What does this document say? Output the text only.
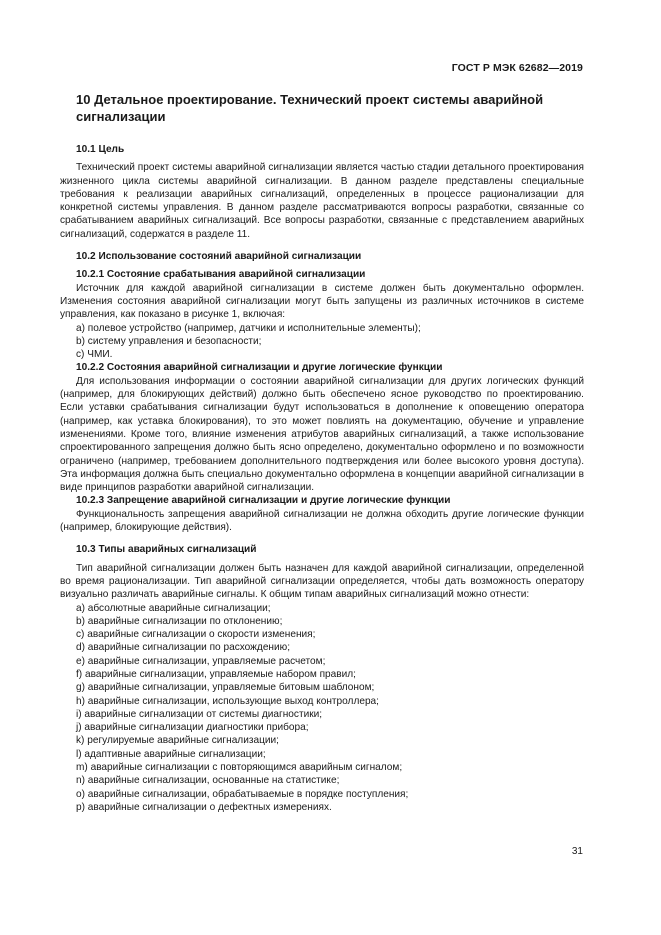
ГОСТ Р МЭК 62682—2019
10 Детальное проектирование. Технический проект системы аварийной сигнализации
10.1 Цель

Технический проект системы аварийной сигнализации является частью стадии детального проектирования жизненного цикла системы аварийной сигнализации. В данном разделе представлены специальные требования к реализации аварийных сигнализаций, определенных в процессе рационализации для конкретной системы управления. В данном разделе рассматриваются вопросы разработки, связанные со срабатыванием аварийных сигнализаций. Все вопросы разработки, связанные с представлением аварийных сигнализаций, содержатся в разделе 11.

10.2 Использование состояний аварийной сигнализации
10.2.1 Состояние срабатывания аварийной сигнализации

Источник для каждой аварийной сигнализации в системе должен быть документально оформлен. Изменения состояния аварийной сигнализации могут быть запущены из различных источников в системе управления, как показано в рисунке 1, включая:

a) полевое устройство (например, датчики и исполнительные элементы);
b) систему управления и безопасности;
c) ЧМИ.
10.2.2 Состояния аварийной сигнализации и другие логические функции

Для использования информации о состоянии аварийной сигнализации для других логических функций (например, для блокирующих действий) должно быть обеспечено ясное руководство по проектированию. Если уставки срабатывания сигнализации будут использоваться в дополнение к оповещению оператора (например, как уставка блокирования), то это может повлиять на документацию, обучение и управление изменениями. Кроме того, влияние изменения атрибутов аварийных сигнализаций, а также использование спроектированного запрещения должно быть ясно определено, документально оформлено и по возможности ограничено (например, требованием дополнительного подтверждения или более высокого уровня доступа). Эта информация должна быть специально документально оформлена в концепции аварийной сигнализации в виде принципов разработки аварийной сигнализации.

10.2.3 Запрещение аварийной сигнализации и другие логические функции

Функциональность запрещения аварийной сигнализации не должна обходить другие логические функции (например, блокирующие действия).

10.3 Типы аварийных сигнализаций

Тип аварийной сигнализации должен быть назначен для каждой аварийной сигнализации, определенной во время рационализации. Тип аварийной сигнализации определяется, чтобы дать возможность оператору визуально различать аварийные сигналы. К общим типам аварийных сигнализаций можно отнести:

a) абсолютные аварийные сигнализации;
b) аварийные сигнализации по отклонению;
c) аварийные сигнализации о скорости изменения;
d) аварийные сигнализации по расхождению;
e) аварийные сигнализации, управляемые расчетом;
f) аварийные сигнализации, управляемые набором правил;
g) аварийные сигнализации, управляемые битовым шаблоном;
h) аварийные сигнализации, использующие выход контроллера;
i) аварийные сигнализации от системы диагностики;
j) аварийные сигнализации диагностики прибора;
k) регулируемые аварийные сигнализации;
l) адаптивные аварийные сигнализации;
m) аварийные сигнализации с повторяющимся аварийным сигналом;
n) аварийные сигнализации, основанные на статистике;
o) аварийные сигнализации, обрабатываемые в порядке поступления;
p) аварийные сигнализации о дефектных измерениях.
31
